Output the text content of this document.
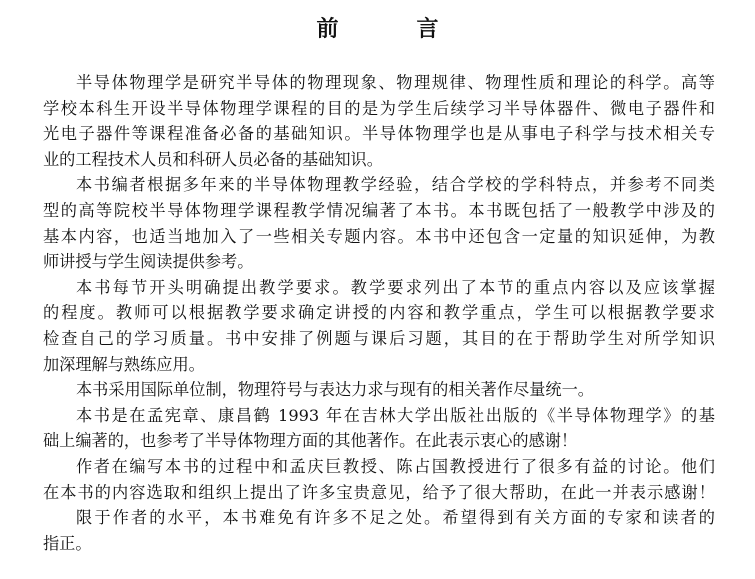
前　言
半导体物理学是研究半导体的物理现象、物理规律、物理性质和理论的科学。高等
学校本科生开设半导体物理学课程的目的是为学生后续学习半导体器件、微电子器件和
光电子器件等课程准备必备的基础知识。半导体物理学也是从事电子科学与技术相关专
业的工程技术人员和科研人员必备的基础知识。
本书编者根据多年来的半导体物理教学经验，结合学校的学科特点，并参考不同类
型的高等院校半导体物理学课程教学情况编著了本书。本书既包括了一般教学中涉及的
基本内容，也适当地加入了一些相关专题内容。本书中还包含一定量的知识延伸，为教
师讲授与学生阅读提供参考。
本书每节开头明确提出教学要求。教学要求列出了本节的重点内容以及应该掌握
的程度。教师可以根据教学要求确定讲授的内容和教学重点，学生可以根据教学要求
检查自己的学习质量。书中安排了例题与课后习题，其目的在于帮助学生对所学知识
加深理解与熟练应用。
本书采用国际单位制，物理符号与表达力求与现有的相关著作尽量统一。
本书是在孟宪章、康昌鹤 1993 年在吉林大学出版社出版的《半导体物理学》的基
础上编著的，也参考了半导体物理方面的其他著作。在此表示衷心的感谢！
作者在编写本书的过程中和孟庆巨教授、陈占国教授进行了很多有益的讨论。他们
在本书的内容选取和组织上提出了许多宝贵意见，给予了很大帮助，在此一并表示感谢！
限于作者的水平，本书难免有许多不足之处。希望得到有关方面的专家和读者的
指正。
